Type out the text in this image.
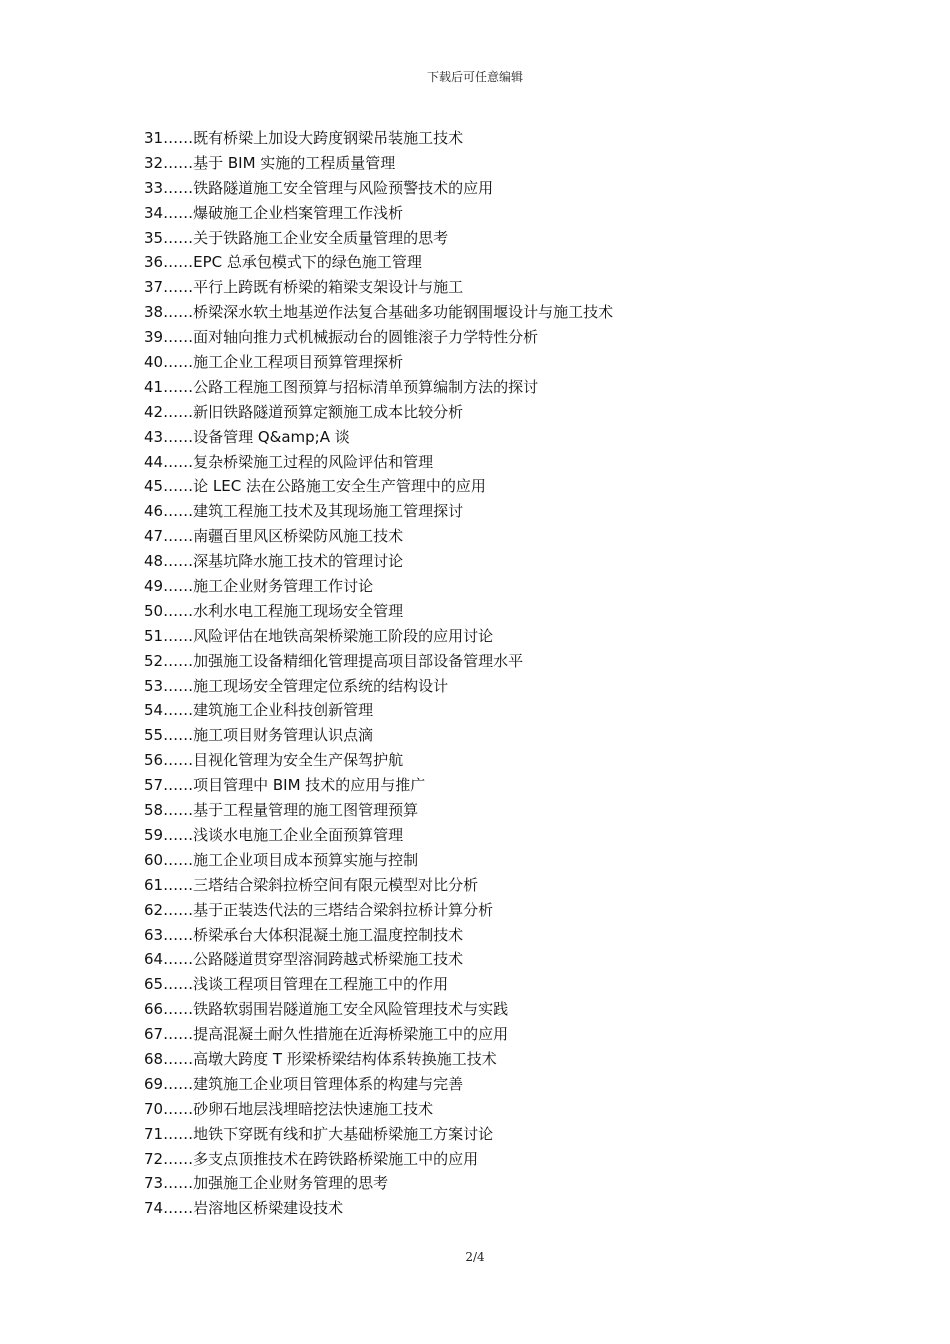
下载后可任意编辑
31……既有桥梁上加设大跨度钢梁吊装施工技术
32……基于 BIM 实施的工程质量管理
33……铁路隧道施工安全管理与风险预警技术的应用
34……爆破施工企业档案管理工作浅析
35……关于铁路施工企业安全质量管理的思考
36……EPC 总承包模式下的绿色施工管理
37……平行上跨既有桥梁的箱梁支架设计与施工
38……桥梁深水软土地基逆作法复合基础多功能钢围堰设计与施工技术
39……面对轴向推力式机械振动台的圆锥滚子力学特性分析
40……施工企业工程项目预算管理探析
41……公路工程施工图预算与招标清单预算编制方法的探讨
42……新旧铁路隧道预算定额施工成本比较分析
43……设备管理 Q&amp;A 谈
44……复杂桥梁施工过程的风险评估和管理
45……论 LEC 法在公路施工安全生产管理中的应用
46……建筑工程施工技术及其现场施工管理探讨
47……南疆百里风区桥梁防风施工技术
48……深基坑降水施工技术的管理讨论
49……施工企业财务管理工作讨论
50……水利水电工程施工现场安全管理
51……风险评估在地铁高架桥梁施工阶段的应用讨论
52……加强施工设备精细化管理提高项目部设备管理水平
53……施工现场安全管理定位系统的结构设计
54……建筑施工企业科技创新管理
55……施工项目财务管理认识点滴
56……目视化管理为安全生产保驾护航
57……项目管理中 BIM 技术的应用与推广
58……基于工程量管理的施工图管理预算
59……浅谈水电施工企业全面预算管理
60……施工企业项目成本预算实施与控制
61……三塔结合梁斜拉桥空间有限元模型对比分析
62……基于正装迭代法的三塔结合梁斜拉桥计算分析
63……桥梁承台大体积混凝土施工温度控制技术
64……公路隧道贯穿型溶洞跨越式桥梁施工技术
65……浅谈工程项目管理在工程施工中的作用
66……铁路软弱围岩隧道施工安全风险管理技术与实践
67……提高混凝土耐久性措施在近海桥梁施工中的应用
68……高墩大跨度 T 形梁桥梁结构体系转换施工技术
69……建筑施工企业项目管理体系的构建与完善
70……砂卵石地层浅埋暗挖法快速施工技术
71……地铁下穿既有线和扩大基础桥梁施工方案讨论
72……多支点顶推技术在跨铁路桥梁施工中的应用
73……加强施工企业财务管理的思考
74……岩溶地区桥梁建设技术
2/4
